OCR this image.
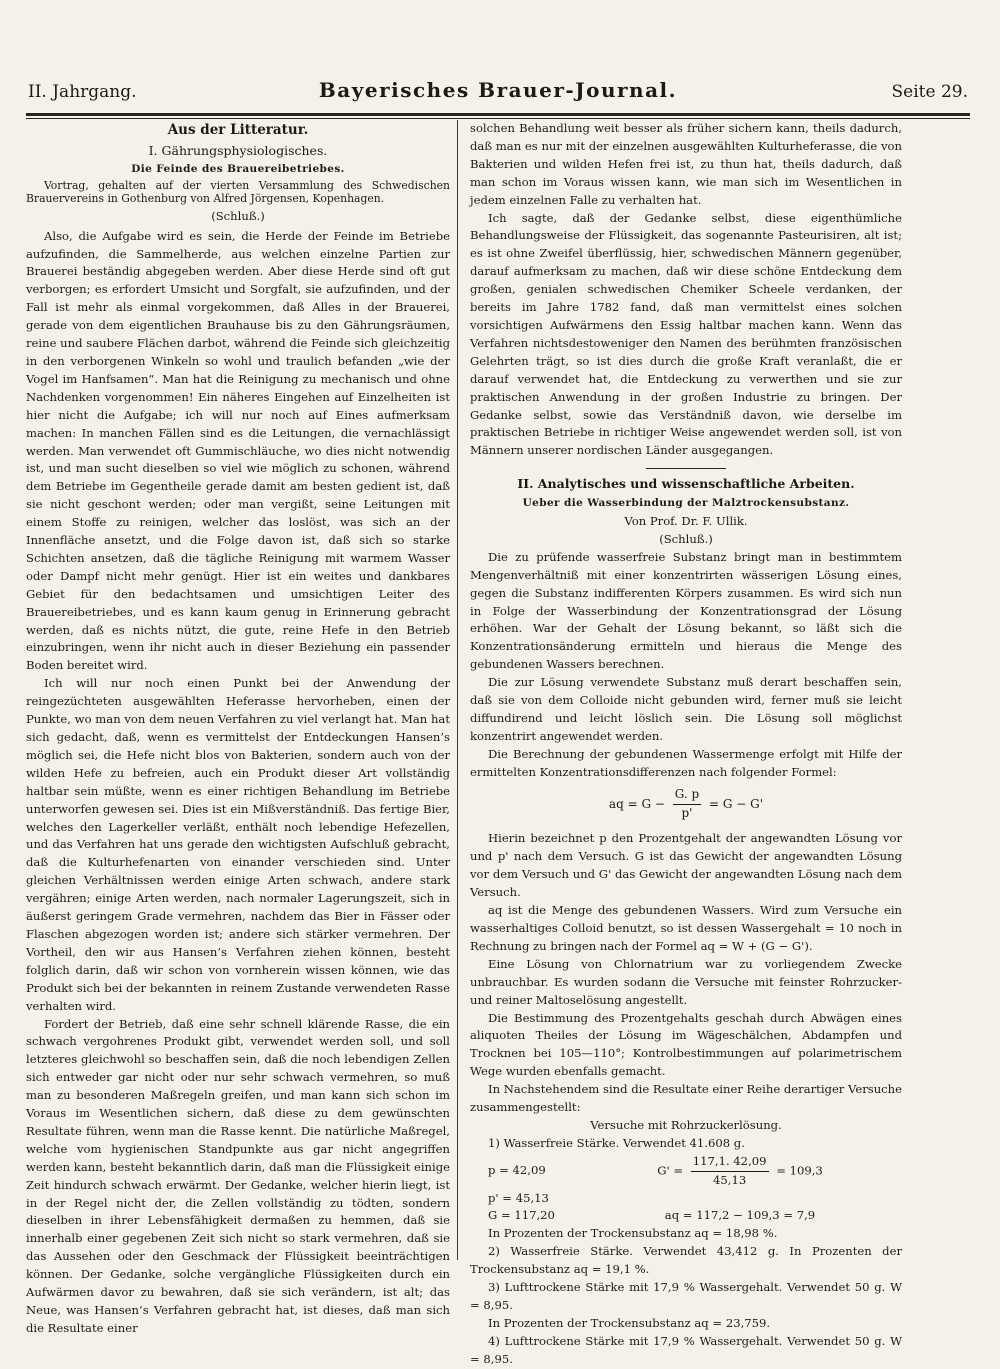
II. Jahrgang.	Bayerisches Brauer-Journal.	Seite 29.
Aus der Litteratur.
I. Gährungsphysiologisches.
Die Feinde des Brauereibetriebes.

Vortrag, gehalten auf der vierten Versammlung des Schwedischen Brauervereins in Gothenburg von Alfred Jörgensen, Kopenhagen.

(Schluß.)

Also, die Aufgabe wird es sein, die Herde der Feinde im Betriebe aufzufinden, die Sammelherde, aus welchen einzelne Partien zur Brauerei beständig abgegeben werden. Aber diese Herde sind oft gut verborgen; es erfordert Umsicht und Sorgfalt, sie aufzufinden, und der Fall ist mehr als einmal vorgekommen, daß Alles in der Brauerei, gerade von dem eigentlichen Brauhause bis zu den Gährungsräumen, reine und saubere Flächen darbot, während die Feinde sich gleichzeitig in den verborgenen Winkeln so wohl und traulich befanden „wie der Vogel im Hanfsamen“. Man hat die Reinigung zu mechanisch und ohne Nachdenken vorgenommen! Ein näheres Eingehen auf Einzelheiten ist hier nicht die Aufgabe; ich will nur noch auf Eines aufmerksam machen: In manchen Fällen sind es die Leitungen, die vernachlässigt werden. Man verwendet oft Gummischläuche, wo dies nicht notwendig ist, und man sucht dieselben so viel wie möglich zu schonen, während dem Betriebe im Gegentheile gerade damit am besten gedient ist, daß sie nicht geschont werden; oder man vergißt, seine Leitungen mit einem Stoffe zu reinigen, welcher das loslöst, was sich an der Innenfläche ansetzt, und die Folge davon ist, daß sich so starke Schichten ansetzen, daß die tägliche Reinigung mit warmem Wasser oder Dampf nicht mehr genügt. Hier ist ein weites und dankbares Gebiet für den bedachtsamen und umsichtigen Leiter des Brauereibetriebes, und es kann kaum genug in Erinnerung gebracht werden, daß es nichts nützt, die gute, reine Hefe in den Betrieb einzubringen, wenn ihr nicht auch in dieser Beziehung ein passender Boden bereitet wird.

Ich will nur noch einen Punkt bei der Anwendung der reingezüchteten ausgewählten Heferasse hervorheben, einen der Punkte, wo man von dem neuen Verfahren zu viel verlangt hat. Man hat sich gedacht, daß, wenn es vermittelst der Entdeckungen Hansen’s möglich sei, die Hefe nicht blos von Bakterien, sondern auch von der wilden Hefe zu befreien, auch ein Produkt dieser Art vollständig haltbar sein müßte, wenn es einer richtigen Behandlung im Betriebe unterworfen gewesen sei. Dies ist ein Mißverständniß. Das fertige Bier, welches den Lagerkeller verläßt, enthält noch lebendige Hefezellen, und das Verfahren hat uns gerade den wichtigsten Aufschluß gebracht, daß die Kulturhefenarten von einander verschieden sind. Unter gleichen Verhältnissen werden einige Arten schwach, andere stark vergähren; einige Arten werden, nach normaler Lagerungszeit, sich in äußerst geringem Grade vermehren, nachdem das Bier in Fässer oder Flaschen abgezogen worden ist; andere sich stärker vermehren. Der Vortheil, den wir aus Hansen’s Verfahren ziehen können, besteht folglich darin, daß wir schon von vornherein wissen können, wie das Produkt sich bei der bekannten in reinem Zustande verwendeten Rasse verhalten wird.

Fordert der Betrieb, daß eine sehr schnell klärende Rasse, die ein schwach vergohrenes Produkt gibt, verwendet werden soll, und soll letzteres gleichwohl so beschaffen sein, daß die noch lebendigen Zellen sich entweder gar nicht oder nur sehr schwach vermehren, so muß man zu besonderen Maßregeln greifen, und man kann sich schon im Voraus im Wesentlichen sichern, daß diese zu dem gewünschten Resultate führen, wenn man die Rasse kennt. Die natürliche Maßregel, welche vom hygienischen Standpunkte aus gar nicht angegriffen werden kann, besteht bekanntlich darin, daß man die Flüssigkeit einige Zeit hindurch schwach erwärmt. Der Gedanke, welcher hierin liegt, ist in der Regel nicht der, die Zellen vollständig zu tödten, sondern dieselben in ihrer Lebensfähigkeit dermaßen zu hemmen, daß sie innerhalb einer gegebenen Zeit sich nicht so stark vermehren, daß sie das Aussehen oder den Geschmack der Flüssigkeit beeinträchtigen können. Der Gedanke, solche vergängliche Flüssigkeiten durch ein Aufwärmen davor zu bewahren, daß sie sich verändern, ist alt; das Neue, was Hansen’s Verfahren gebracht hat, ist dieses, daß man sich die Resultate einer

solchen Behandlung weit besser als früher sichern kann, theils dadurch, daß man es nur mit der einzelnen ausgewählten Kulturheferasse, die von Bakterien und wilden Hefen frei ist, zu thun hat, theils dadurch, daß man schon im Voraus wissen kann, wie man sich im Wesentlichen in jedem einzelnen Falle zu verhalten hat.

Ich sagte, daß der Gedanke selbst, diese eigenthümliche Behandlungsweise der Flüssigkeit, das sogenannte Pasteurisiren, alt ist; es ist ohne Zweifel überflüssig, hier, schwedischen Männern gegenüber, darauf aufmerksam zu machen, daß wir diese schöne Entdeckung dem großen, genialen schwedischen Chemiker Scheele verdanken, der bereits im Jahre 1782 fand, daß man vermittelst eines solchen vorsichtigen Aufwärmens den Essig haltbar machen kann. Wenn das Verfahren nichtsdestoweniger den Namen des berühmten französischen Gelehrten trägt, so ist dies durch die große Kraft veranlaßt, die er darauf verwendet hat, die Entdeckung zu verwerthen und sie zur praktischen Anwendung in der großen Industrie zu bringen. Der Gedanke selbst, sowie das Verständniß davon, wie derselbe im praktischen Betriebe in richtiger Weise angewendet werden soll, ist von Männern unserer nordischen Länder ausgegangen.

II. Analytisches und wissenschaftliche Arbeiten.
Ueber die Wasserbindung der Malztrockensubstanz.
Von Prof. Dr. F. Ullik.
(Schluß.)

Die zu prüfende wasserfreie Substanz bringt man in bestimmtem Mengenverhältniß mit einer konzentrirten wässerigen Lösung eines, gegen die Substanz indifferenten Körpers zusammen. Es wird sich nun in Folge der Wasserbindung der Konzentrationsgrad der Lösung erhöhen. War der Gehalt der Lösung bekannt, so läßt sich die Konzentrationsänderung ermitteln und hieraus die Menge des gebundenen Wassers berechnen.

Die zur Lösung verwendete Substanz muß derart beschaffen sein, daß sie von dem Colloide nicht gebunden wird, ferner muß sie leicht diffundirend und leicht löslich sein. Die Lösung soll möglichst konzentrirt angewendet werden.

Die Berechnung der gebundenen Wassermenge erfolgt mit Hilfe der ermittelten Konzentrationsdifferenzen nach folgender Formel:

aq = $G - \frac{G. p}{p'} = G - G'$

Hierin bezeichnet p den Prozentgehalt der angewandten Lösung vor und p' nach dem Versuch. G ist das Gewicht der angewandten Lösung vor dem Versuch und G' das Gewicht der angewandten Lösung nach dem Versuch.

aq ist die Menge des gebundenen Wassers. Wird zum Versuche ein wasserhaltiges Colloid benutzt, so ist dessen Wassergehalt = 10 noch in Rechnung zu bringen nach der Formel aq = W + (G − G').

Eine Lösung von Chlornatrium war zu vorliegendem Zwecke unbrauchbar. Es wurden sodann die Versuche mit feinster Rohrzucker- und reiner Maltoselösung angestellt.

Die Bestimmung des Prozentgehalts geschah durch Abwägen eines aliquoten Theiles der Lösung im Wägeschälchen, Abdampfen und Trocknen bei 105—110°; Kontrolbestimmungen auf polarimetrischem Wege wurden ebenfalls gemacht.

In Nachstehendem sind die Resultate einer Reihe derartiger Versuche zusammengestellt:

Versuche mit Rohrzuckerlösung.

1) Wasserfreie Stärke. Verwendet 41.608 g.

p = 42,09	$G' = \frac{117,1. 42,09}{45,13} = 109,3$
p' = 45,13
G = 117,20	aq = 117,2 − 109,3 = 7,9

In Prozenten der Trockensubstanz aq = 18,98 %.

2) Wasserfreie Stärke. Verwendet 43,412 g. In Prozenten der Trockensubstanz aq = 19,1 %.

3) Lufttrockene Stärke mit 17,9 % Wassergehalt. Verwendet 50 g. W = 8,95.

In Prozenten der Trockensubstanz aq = 23,759.

4) Lufttrockene Stärke mit 17,9 % Wassergehalt. Verwendet 50 g. W = 8,95.
